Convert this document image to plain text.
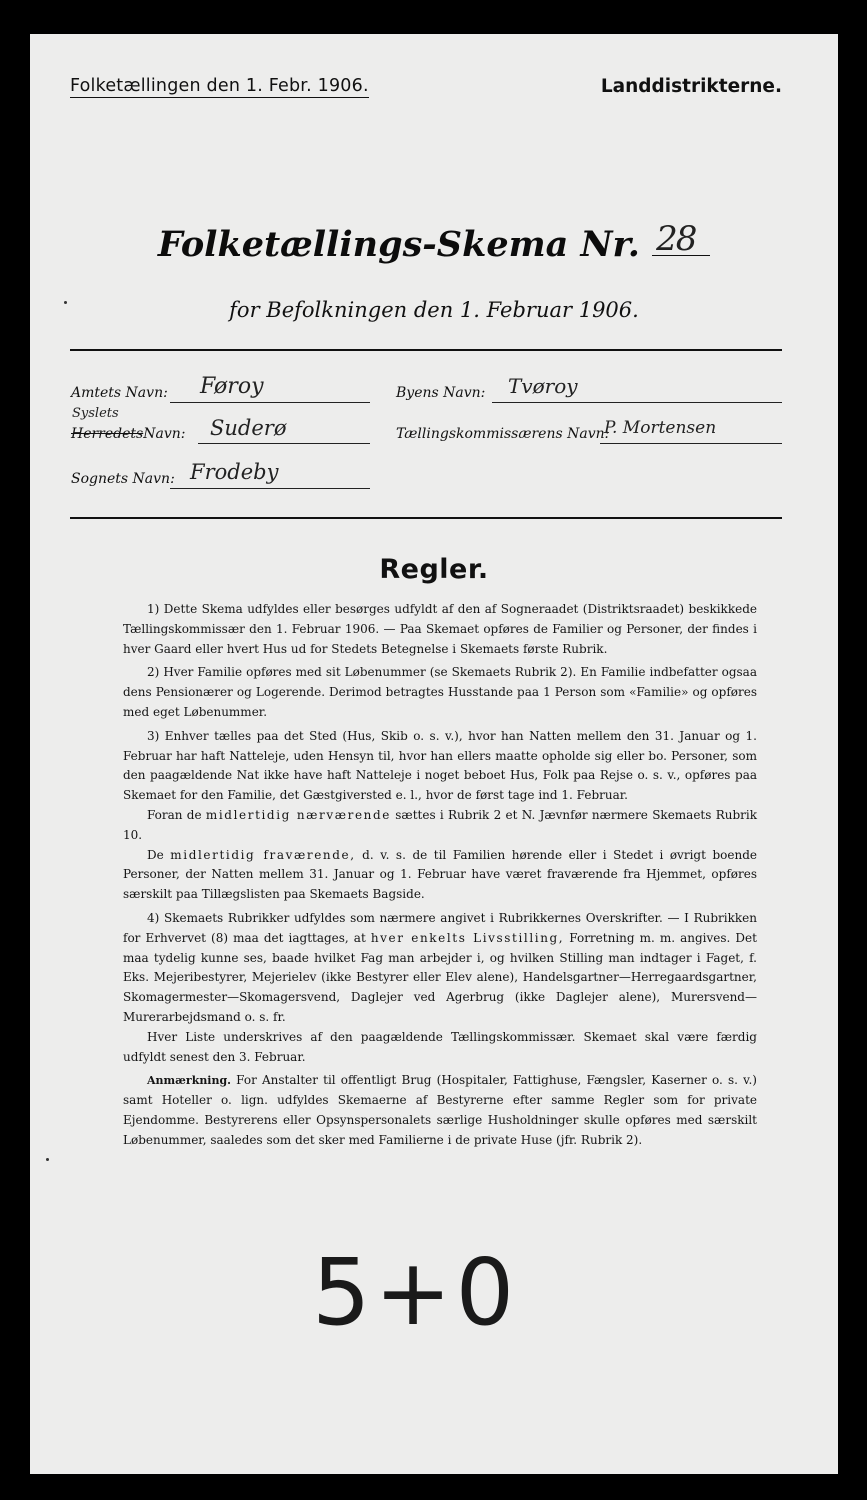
Folketællingen den 1. Febr. 1906.	Landdistrikterne.
Folketællings-Skema Nr. 28
for Befolkningen den 1. Februar 1906.
Amtets Navn: Føroy	Byens Navn: Tvøroy
Syslets
HerredetsNavn: Suderø	Tællingskommissærens Navn:
P. Mortensen
Sognets Navn: Frodeby
Regler.

1) Dette Skema udfyldes eller besørges udfyldt af den af Sogneraadet (Distriktsraadet) beskikkede Tællingskommissær den 1. Februar 1906. — Paa Skemaet opføres de Familier og Personer, der findes i hver Gaard eller hvert Hus ud for Stedets Betegnelse i Skemaets første Rubrik.

2) Hver Familie opføres med sit Løbenummer (se Skemaets Rubrik 2). En Familie indbefatter ogsaa dens Pensionærer og Logerende. Derimod betragtes Husstande paa 1 Person som «Familie» og opføres med eget Løbenummer.

3) Enhver tælles paa det Sted (Hus, Skib o. s. v.), hvor han Natten mellem den 31. Januar og 1. Februar har haft Natteleje, uden Hensyn til, hvor han ellers maatte opholde sig eller bo. Personer, som den paagældende Nat ikke have haft Natteleje i noget beboet Hus, Folk paa Rejse o. s. v., opføres paa Skemaet for den Familie, det Gæstgiversted e. l., hvor de først tage ind 1. Februar.

Foran de midlertidig nærværende sættes i Rubrik 2 et N. Jævnfør nærmere Skemaets Rubrik 10.

De midlertidig fraværende, d. v. s. de til Familien hørende eller i Stedet i øvrigt boende Personer, der Natten mellem 31. Januar og 1. Februar have været fraværende fra Hjemmet, opføres særskilt paa Tillægslisten paa Skemaets Bagside.

4) Skemaets Rubrikker udfyldes som nærmere angivet i Rubrikkernes Overskrifter. — I Rubrikken for Erhvervet (8) maa det iagttages, at hver enkelts Livsstilling, Forretning m. m. angives. Det maa tydelig kunne ses, baade hvilket Fag man arbejder i, og hvilken Stilling man indtager i Faget, f. Eks. Mejeribestyrer, Mejerielev (ikke Bestyrer eller Elev alene), Handelsgartner—Herregaardsgartner, Skomagermester—Skomagersvend, Daglejer ved Agerbrug (ikke Daglejer alene), Murersvend—Murerarbejdsmand o. s. fr.

Hver Liste underskrives af den paagældende Tællingskommissær. Skemaet skal være færdig udfyldt senest den 3. Februar.

Anmærkning. For Anstalter til offentligt Brug (Hospitaler, Fattighuse, Fængsler, Kaserner o. s. v.) samt Hoteller o. lign. udfyldes Skemaerne af Bestyrerne efter samme Regler som for private Ejendomme. Bestyrerens eller Opsynspersonalets særlige Husholdninger skulle opføres med særskilt Løbenummer, saaledes som det sker med Familierne i de private Huse (jfr. Rubrik 2).

5+0
